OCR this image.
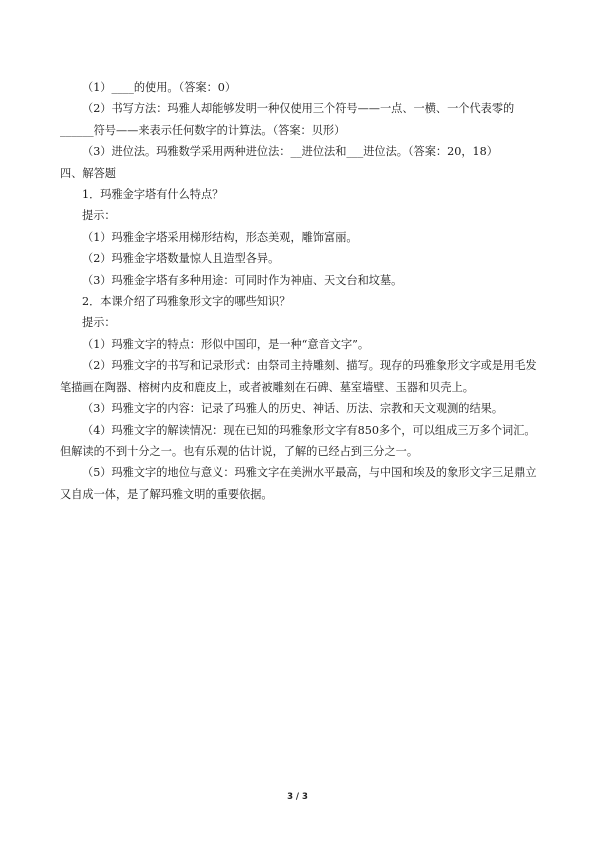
（1）____的使用。（答案：0）

（2）书写方法：玛雅人却能够发明一种仅使用三个符号——一点、一横、一个代表零的______符号——来表示任何数字的计算法。（答案：贝形）

（3）进位法。玛雅数学采用两种进位法：__进位法和___进位法。（答案：20，18）

四、解答题

1．玛雅金字塔有什么特点？

提示：

（1）玛雅金字塔采用梯形结构，形态美观，雕饰富丽。

（2）玛雅金字塔数量惊人且造型各异。

（3）玛雅金字塔有多种用途：可同时作为神庙、天文台和坟墓。

2．本课介绍了玛雅象形文字的哪些知识？

提示：

（1）玛雅文字的特点：形似中国印，是一种“意音文字”。

（2）玛雅文字的书写和记录形式：由祭司主持雕刻、描写。现存的玛雅象形文字或是用毛发笔描画在陶器、榕树内皮和鹿皮上，或者被雕刻在石碑、墓室墙壁、玉器和贝壳上。

（3）玛雅文字的内容：记录了玛雅人的历史、神话、历法、宗教和天文观测的结果。

（4）玛雅文字的解读情况：现在已知的玛雅象形文字有850多个，可以组成三万多个词汇。但解读的不到十分之一。也有乐观的估计说，了解的已经占到三分之一。

（5）玛雅文字的地位与意义：玛雅文字在美洲水平最高，与中国和埃及的象形文字三足鼎立又自成一体，是了解玛雅文明的重要依据。

3 / 3
